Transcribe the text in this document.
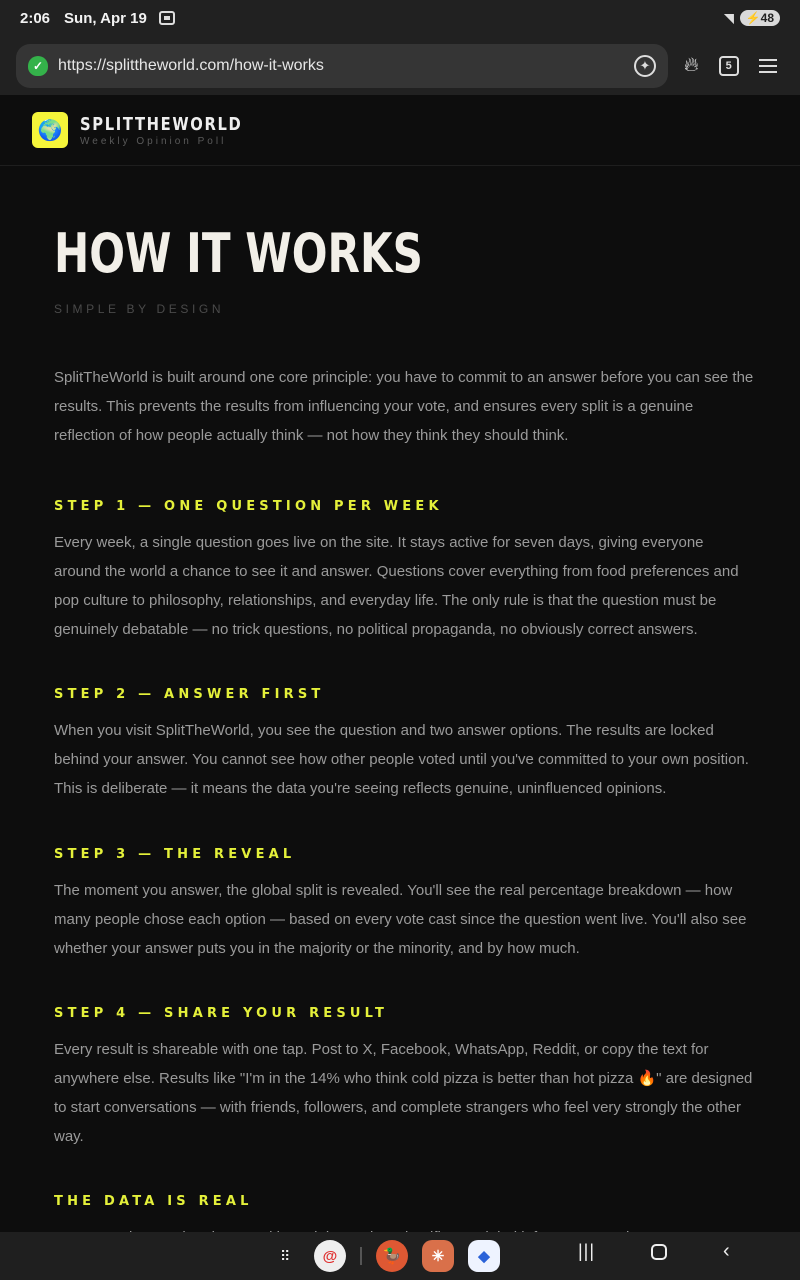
2:06 Sun, Apr 19	◥	⚡48
✓ https://splittheworld.com/how-it-works	✦ 🔥︎	5
🌍 SPLITTHEWORLD
Weekly Opinion Poll
HOW IT WORKS
SIMPLE BY DESIGN

SplitTheWorld is built around one core principle: you have to commit to an answer before you can see the results. This prevents the results from influencing your vote, and ensures every split is a genuine reflection of how people actually think — not how they think they should think.

STEP 1 — ONE QUESTION PER WEEK

Every week, a single question goes live on the site. It stays active for seven days, giving everyone around the world a chance to see it and answer. Questions cover everything from food preferences and pop culture to philosophy, relationships, and everyday life. The only rule is that the question must be genuinely debatable — no trick questions, no political propaganda, no obviously correct answers.

STEP 2 — ANSWER FIRST

When you visit SplitTheWorld, you see the question and two answer options. The results are locked behind your answer. You cannot see how other people voted until you've committed to your own position. This is deliberate — it means the data you're seeing reflects genuine, uninfluenced opinions.

STEP 3 — THE REVEAL

The moment you answer, the global split is revealed. You'll see the real percentage breakdown — how many people chose each option — based on every vote cast since the question went live. You'll also see whether your answer puts you in the majority or the minority, and by how much.

STEP 4 — SHARE YOUR RESULT

Every result is shareable with one tap. Post to X, Facebook, WhatsApp, Reddit, or copy the text for anywhere else. Results like "I'm in the 14% who think cold pizza is better than hot pizza 🔥" are designed to start conversations — with friends, followers, and complete strangers who feel very strongly the other way.

THE DATA IS REAL

⠿	@	🦆	✳	◆	|||	‹
